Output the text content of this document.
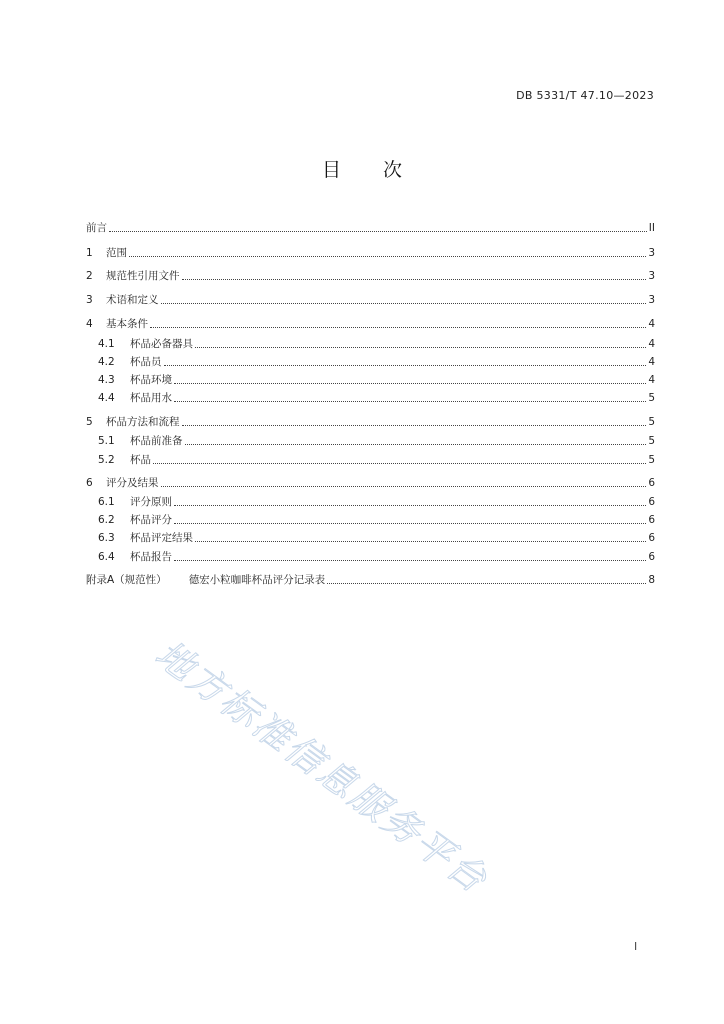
DB 5331/T 47.10—2023
目 次
前言	II
1	范围	3
2	规范性引用文件	3
3	术语和定义	3
4	基本条件	4
4.1	杯品必备器具	4
4.2	杯品员	4
4.3	杯品环境	4
4.4	杯品用水	5
5	杯品方法和流程	5
5.1	杯品前准备	5
5.2	杯品	5
6	评分及结果	6
6.1	评分原则	6
6.2	杯品评分	6
6.3	杯品评定结果	6
6.4	杯品报告	6
附录A（规范性） 德宏小粒咖啡杯品评分记录表	8
地方标准信息服务平台
I
